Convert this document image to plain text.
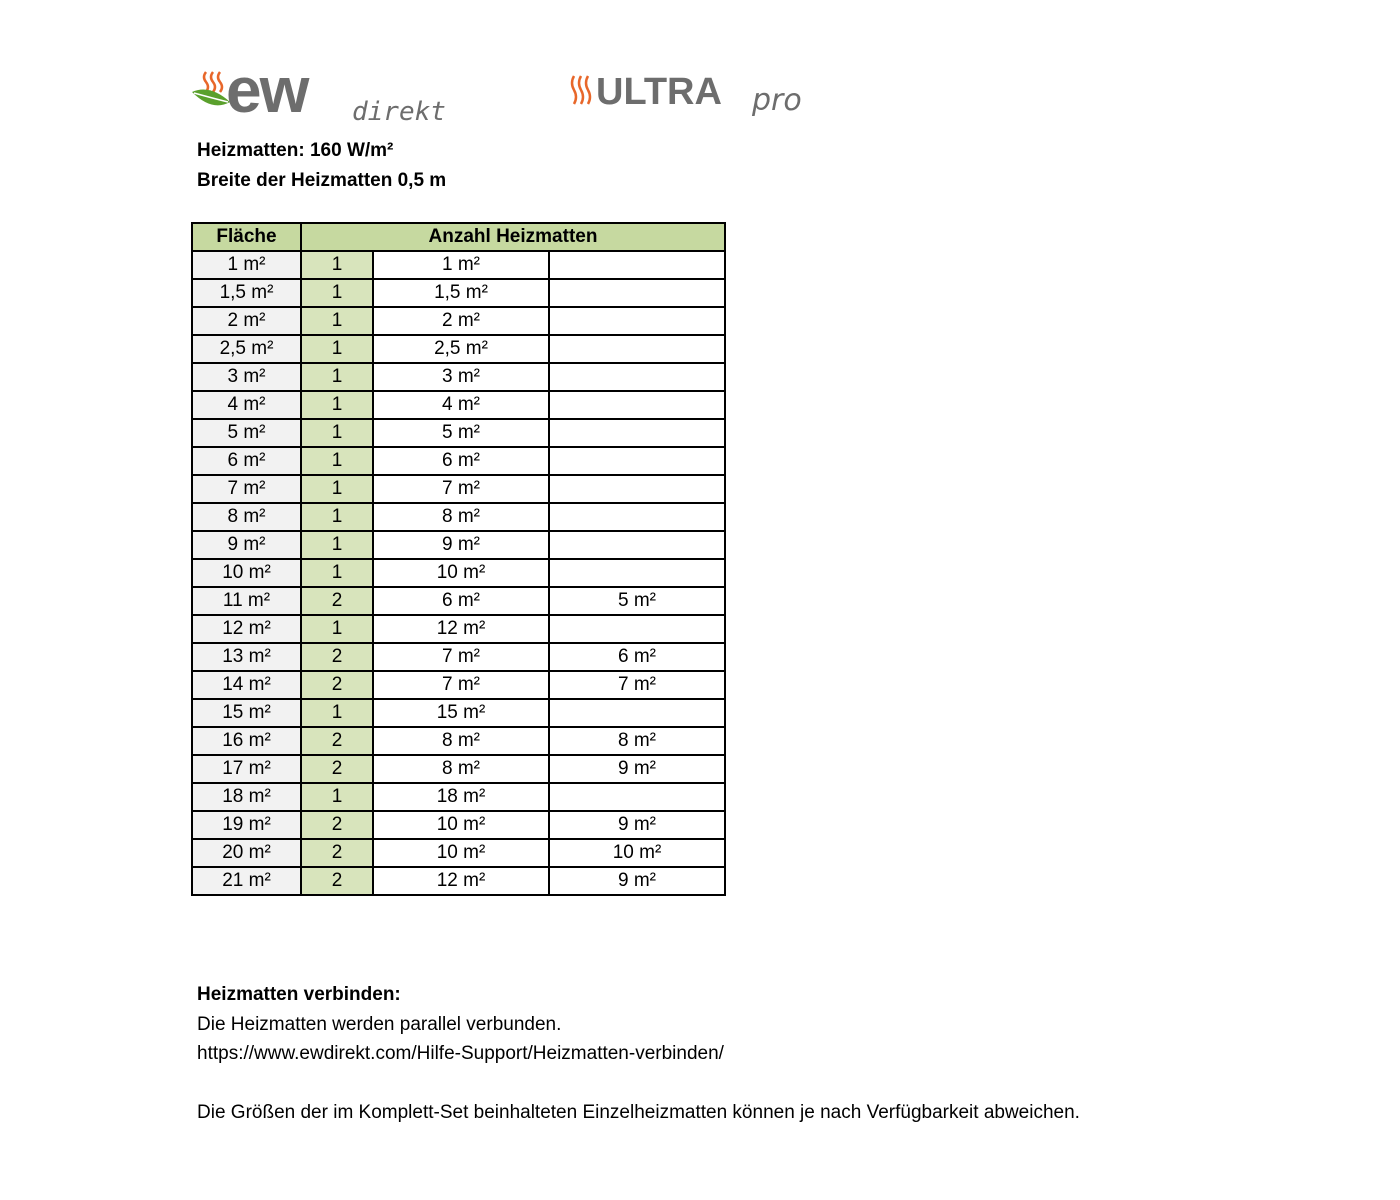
ew direkt	ULTRA pro
Heizmatten: 160 W/m²
Breite der Heizmatten 0,5 m
Fläche	Anzahl Heizmatten		
1 m²	1	1 m²	
1,5 m²	1	1,5 m²	
2 m²	1	2 m²	
2,5 m²	1	2,5 m²	
3 m²	1	3 m²	
4 m²	1	4 m²	
5 m²	1	5 m²	
6 m²	1	6 m²	
7 m²	1	7 m²	
8 m²	1	8 m²	
9 m²	1	9 m²	
10 m²	1	10 m²	
11 m²	2	6 m²	5 m²
12 m²	1	12 m²	
13 m²	2	7 m²	6 m²
14 m²	2	7 m²	7 m²
15 m²	1	15 m²	
16 m²	2	8 m²	8 m²
17 m²	2	8 m²	9 m²
18 m²	1	18 m²	
19 m²	2	10 m²	9 m²
20 m²	2	10 m²	10 m²
21 m²	2	12 m²	9 m²
Heizmatten verbinden:
Die Heizmatten werden parallel verbunden.
https://www.ewdirekt.com/Hilfe-Support/Heizmatten-verbinden/
Die Größen der im Komplett-Set beinhalteten Einzelheizmatten können je nach Verfügbarkeit abweichen.
